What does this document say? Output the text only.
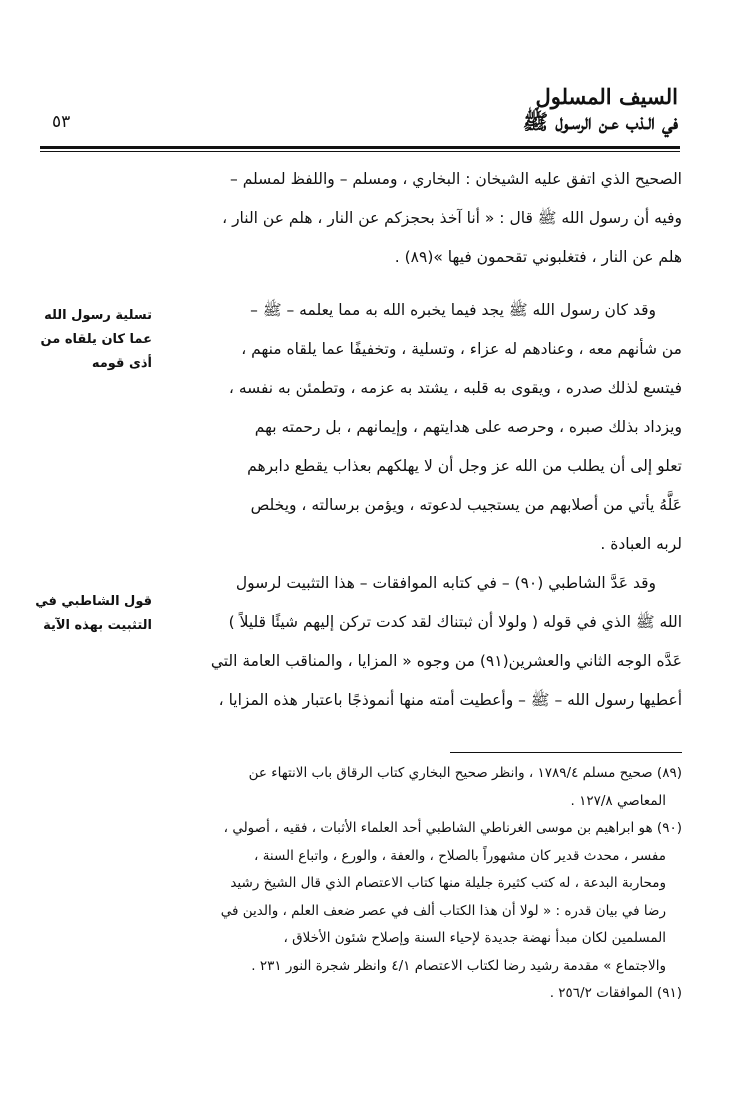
السيف المسلول
في الـذب عـن الرسـول ﷺ
٥٣
تسلية رسول الله
عما كان يلقاه من
أذى قومه
قول الشاطبي في
التثبيت بهذه الآية
الصحيح الذي اتفق عليه الشيخان : البخاري ، ومسلم – واللفظ لمسلم –
وفيه أن رسول الله ﷺ قال : « أنا آخذ بحجزكم عن النار ، هلم عن النار ،
هلم عن النار ، فتغلبوني تقحمون فيها »(٨٩) .
وقد كان رسول الله ﷺ يجد فيما يخبره الله به مما يعلمه – ﷺ –
من شأنهم معه ، وعنادهم له عزاء ، وتسلية ، وتخفيفًا عما يلقاه منهم ،
فيتسع لذلك صدره ، ويقوى به قلبه ، يشتد به عزمه ، وتطمئن به نفسه ،
ويزداد بذلك صبره ، وحرصه على هدايتهم ، وإيمانهم ، بل رحمته بهم
تعلو إلى أن يطلب من الله عز وجل أن لا يهلكهم بعذاب يقطع دابرهم
عَلَّهُ يأتي من أصلابهم من يستجيب لدعوته ، ويؤمن برسالته ، ويخلص
لربه العبادة .
وقد عَدَّ الشاطبي (٩٠) – في كتابه الموافقات – هذا التثبيت لرسول
الله ﷺ الذي في قوله ( ولولا أن ثبتناك لقد كدت تركن إليهم شيئًا قليلاً )
عَدَّه الوجه الثاني والعشرين(٩١) من وجوه « المزايا ، والمناقب العامة التي
أعطيها رسول الله – ﷺ – وأعطيت أمته منها أنموذجًا باعتبار هذه المزايا ،
(٨٩) صحيح مسلم ١٧٨٩/٤ ، وانظر صحيح البخاري كتاب الرقاق باب الانتهاء عن
المعاصي ١٢٧/٨ .
(٩٠) هو ابراهيم بن موسى الغرناطي الشاطبي أحد العلماء الأثبات ، فقيه ، أصولي ،
مفسر ، محدث قدير كان مشهوراً بالصلاح ، والعفة ، والورع ، واتباع السنة ،
ومحاربة البدعة ، له كتب كثيرة جليلة منها كتاب الاعتصام الذي قال الشيخ رشيد
رضا في بيان قدره : « لولا أن هذا الكتاب ألف في عصر ضعف العلم ، والدين في
المسلمين لكان مبدأ نهضة جديدة لإحياء السنة وإصلاح شئون الأخلاق ،
والاجتماع » مقدمة رشيد رضا لكتاب الاعتصام ٤/١ وانظر شجرة النور ٢٣١ .
(٩١) الموافقات ٢٥٦/٢ .
